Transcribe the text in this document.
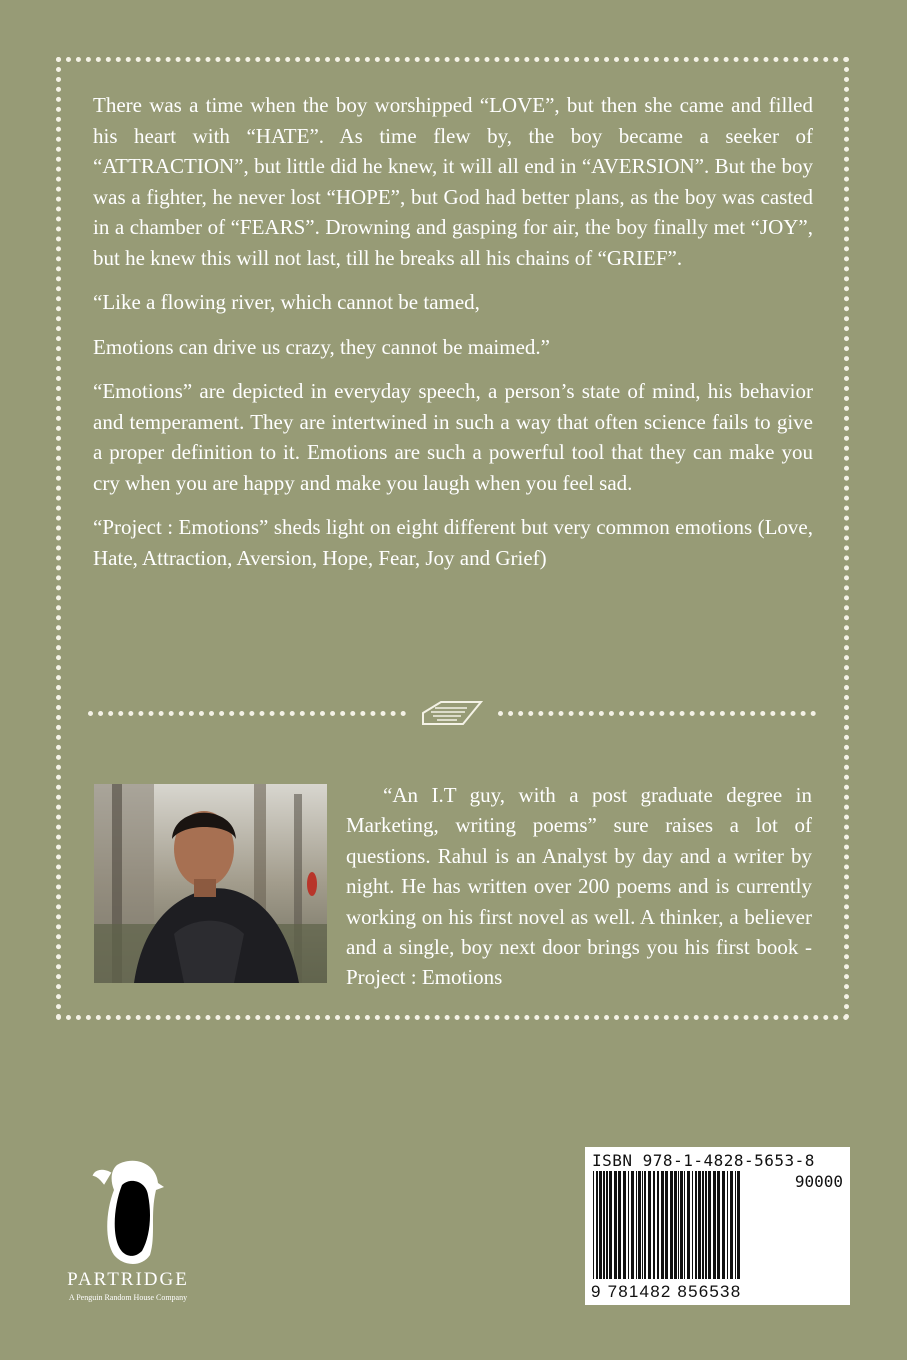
There was a time when the boy worshipped “LOVE”, but then she came and filled his heart with “HATE”. As time flew by, the boy became a seeker of “ATTRACTION”, but little did he knew, it will all end in “AVERSION”. But the boy was a fighter, he never lost “HOPE”, but God had better plans, as the boy was casted in a chamber of “FEARS”. Drowning and gasping for air, the boy finally met “JOY”, but he knew this will not last, till he breaks all his chains of “GRIEF”.

“Like a flowing river, which cannot be tamed,

Emotions can drive us crazy, they cannot be maimed.”

“Emotions” are depicted in everyday speech, a person’s state of mind, his behavior and temperament. They are intertwined in such a way that often science fails to give a proper definition to it. Emotions are such a powerful tool that they can make you cry when you are happy and make you laugh when you feel sad.

“Project : Emotions” sheds light on eight different but very common emotions (Love, Hate, Attraction, Aversion, Hope, Fear, Joy and Grief)

“An I.T guy, with a post graduate degree in Marketing, writing poems” sure raises a lot of questions. Rahul is an Analyst by day and a writer by night. He has written over 200 poems and is currently working on his first novel as well. A thinker, a believer and a single, boy next door brings you his first book - Project : Emotions

PARTRIDGE
A Penguin Random House Company
ISBN 978-1-4828-5653-8
90000
9 781482 856538
